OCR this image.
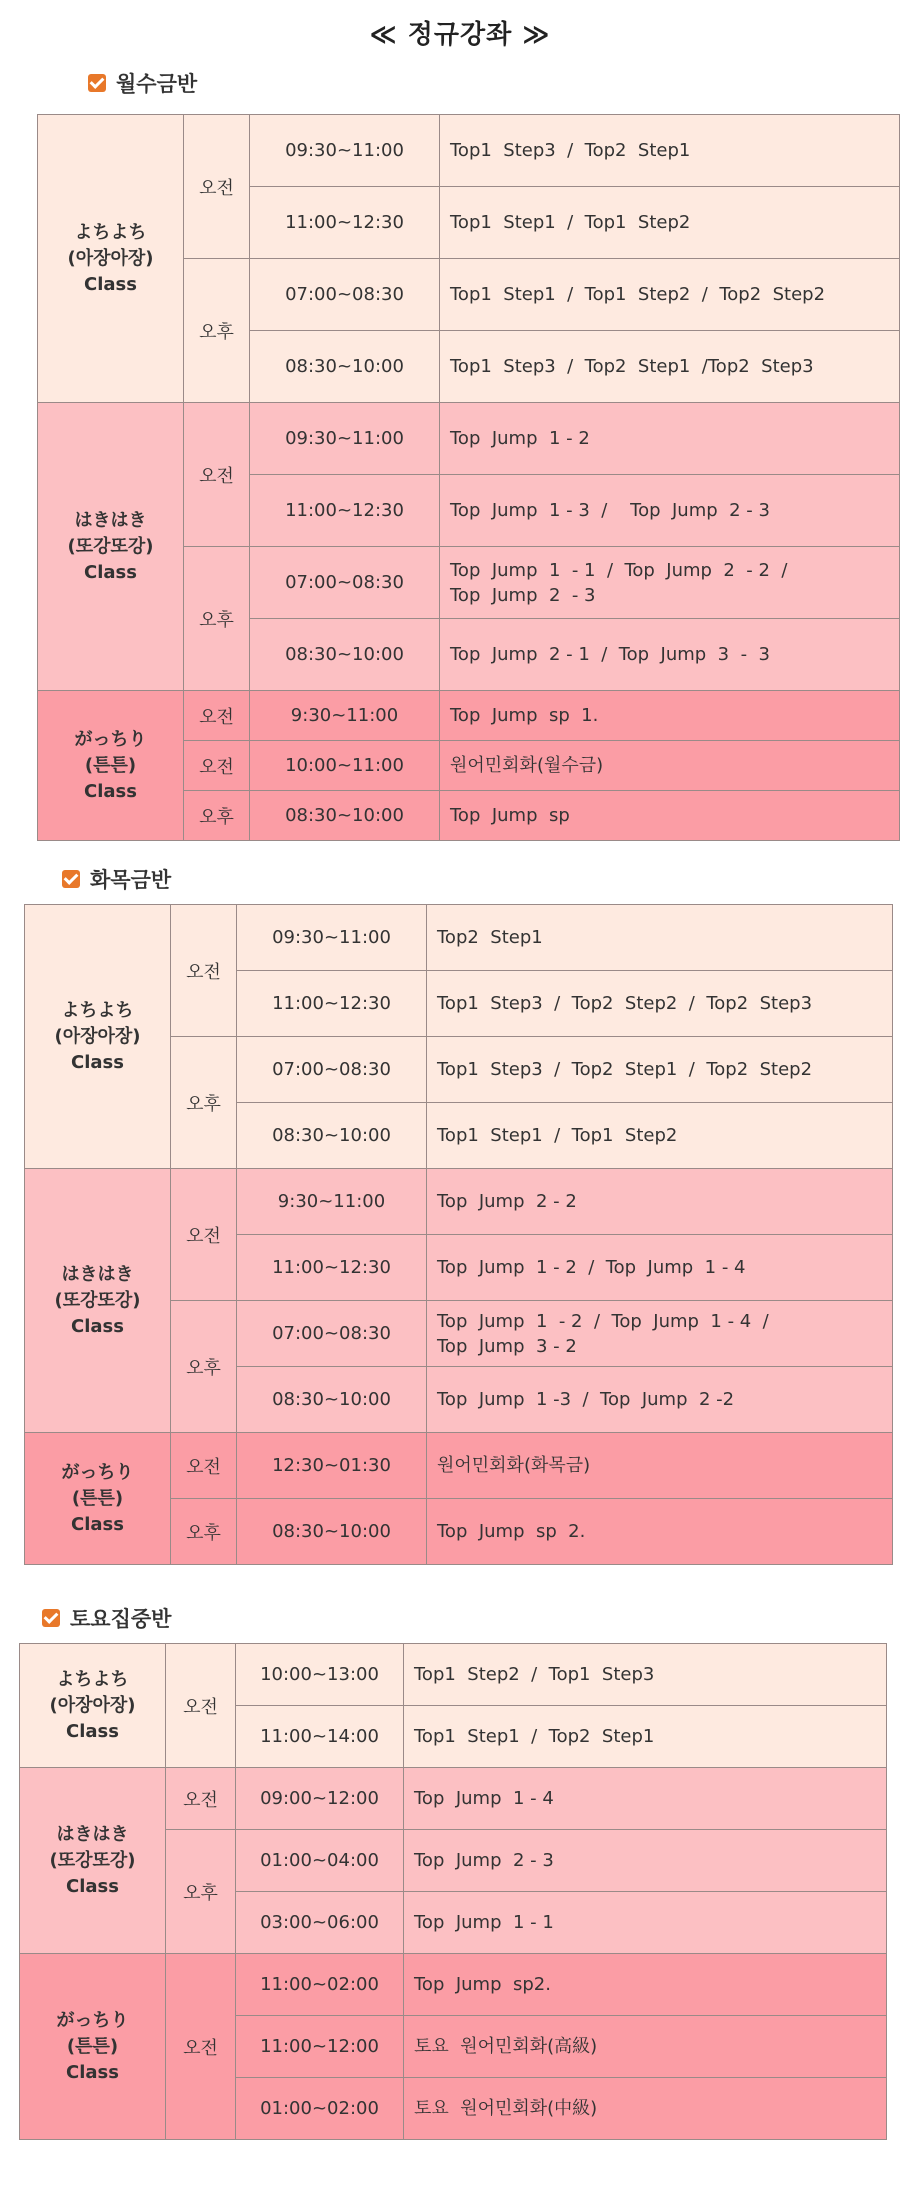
≪ 정규강좌 ≫
월수금반
よちよち
(아장아장)
Class	오전	09:30~11:00	Top1  Step3  /  Top2  Step1
		11:00~12:30	Top1  Step1  /  Top1  Step2
	오후	07:00~08:30	Top1  Step1  /  Top1  Step2  /  Top2  Step2
		08:30~10:00	Top1  Step3  /  Top2  Step1  /Top2  Step3

はきはき
(또강또강)
Class	오전	09:30~11:00	Top  Jump  1 - 2
		11:00~12:30	Top  Jump  1 - 3  /    Top  Jump  2 - 3
	오후	07:00~08:30	Top  Jump  1  - 1  /  Top  Jump  2  - 2  /
Top  Jump  2  - 3
		08:30~10:00	Top  Jump  2 - 1  /  Top  Jump  3  -  3

がっちり
(튼튼)
Class	오전	9:30~11:00	Top  Jump  sp  1.
	오전	10:00~11:00	원어민회화(월수금)
	오후	08:30~10:00	Top  Jump  sp
화목금반
よちよち
(아장아장)
Class	오전	09:30~11:00	Top2  Step1
		11:00~12:30	Top1  Step3  /  Top2  Step2  /  Top2  Step3
	오후	07:00~08:30	Top1  Step3  /  Top2  Step1  /  Top2  Step2
		08:30~10:00	Top1  Step1  /  Top1  Step2

はきはき
(또강또강)
Class	오전	9:30~11:00	Top  Jump  2 - 2
		11:00~12:30	Top  Jump  1 - 2  /  Top  Jump  1 - 4
	오후	07:00~08:30	Top  Jump  1  - 2  /  Top  Jump  1 - 4  /
Top  Jump  3 - 2
		08:30~10:00	Top  Jump  1 -3  /  Top  Jump  2 -2

がっちり
(튼튼)
Class	오전	12:30~01:30	원어민회화(화목금)
	오후	08:30~10:00	Top  Jump  sp  2.
토요집중반
よちよち
(아장아장)
Class	오전	10:00~13:00	Top1  Step2  /  Top1  Step3
		11:00~14:00	Top1  Step1  /  Top2  Step1

はきはき
(또강또강)
Class	오전	09:00~12:00	Top  Jump  1 - 4
	오후	01:00~04:00	Top  Jump  2 - 3
		03:00~06:00	Top  Jump  1 - 1

がっちり
(튼튼)
Class	오전	11:00~02:00	Top  Jump  sp2.
		11:00~12:00	토요  원어민회화(高級)
		01:00~02:00	토요  원어민회화(中級)
